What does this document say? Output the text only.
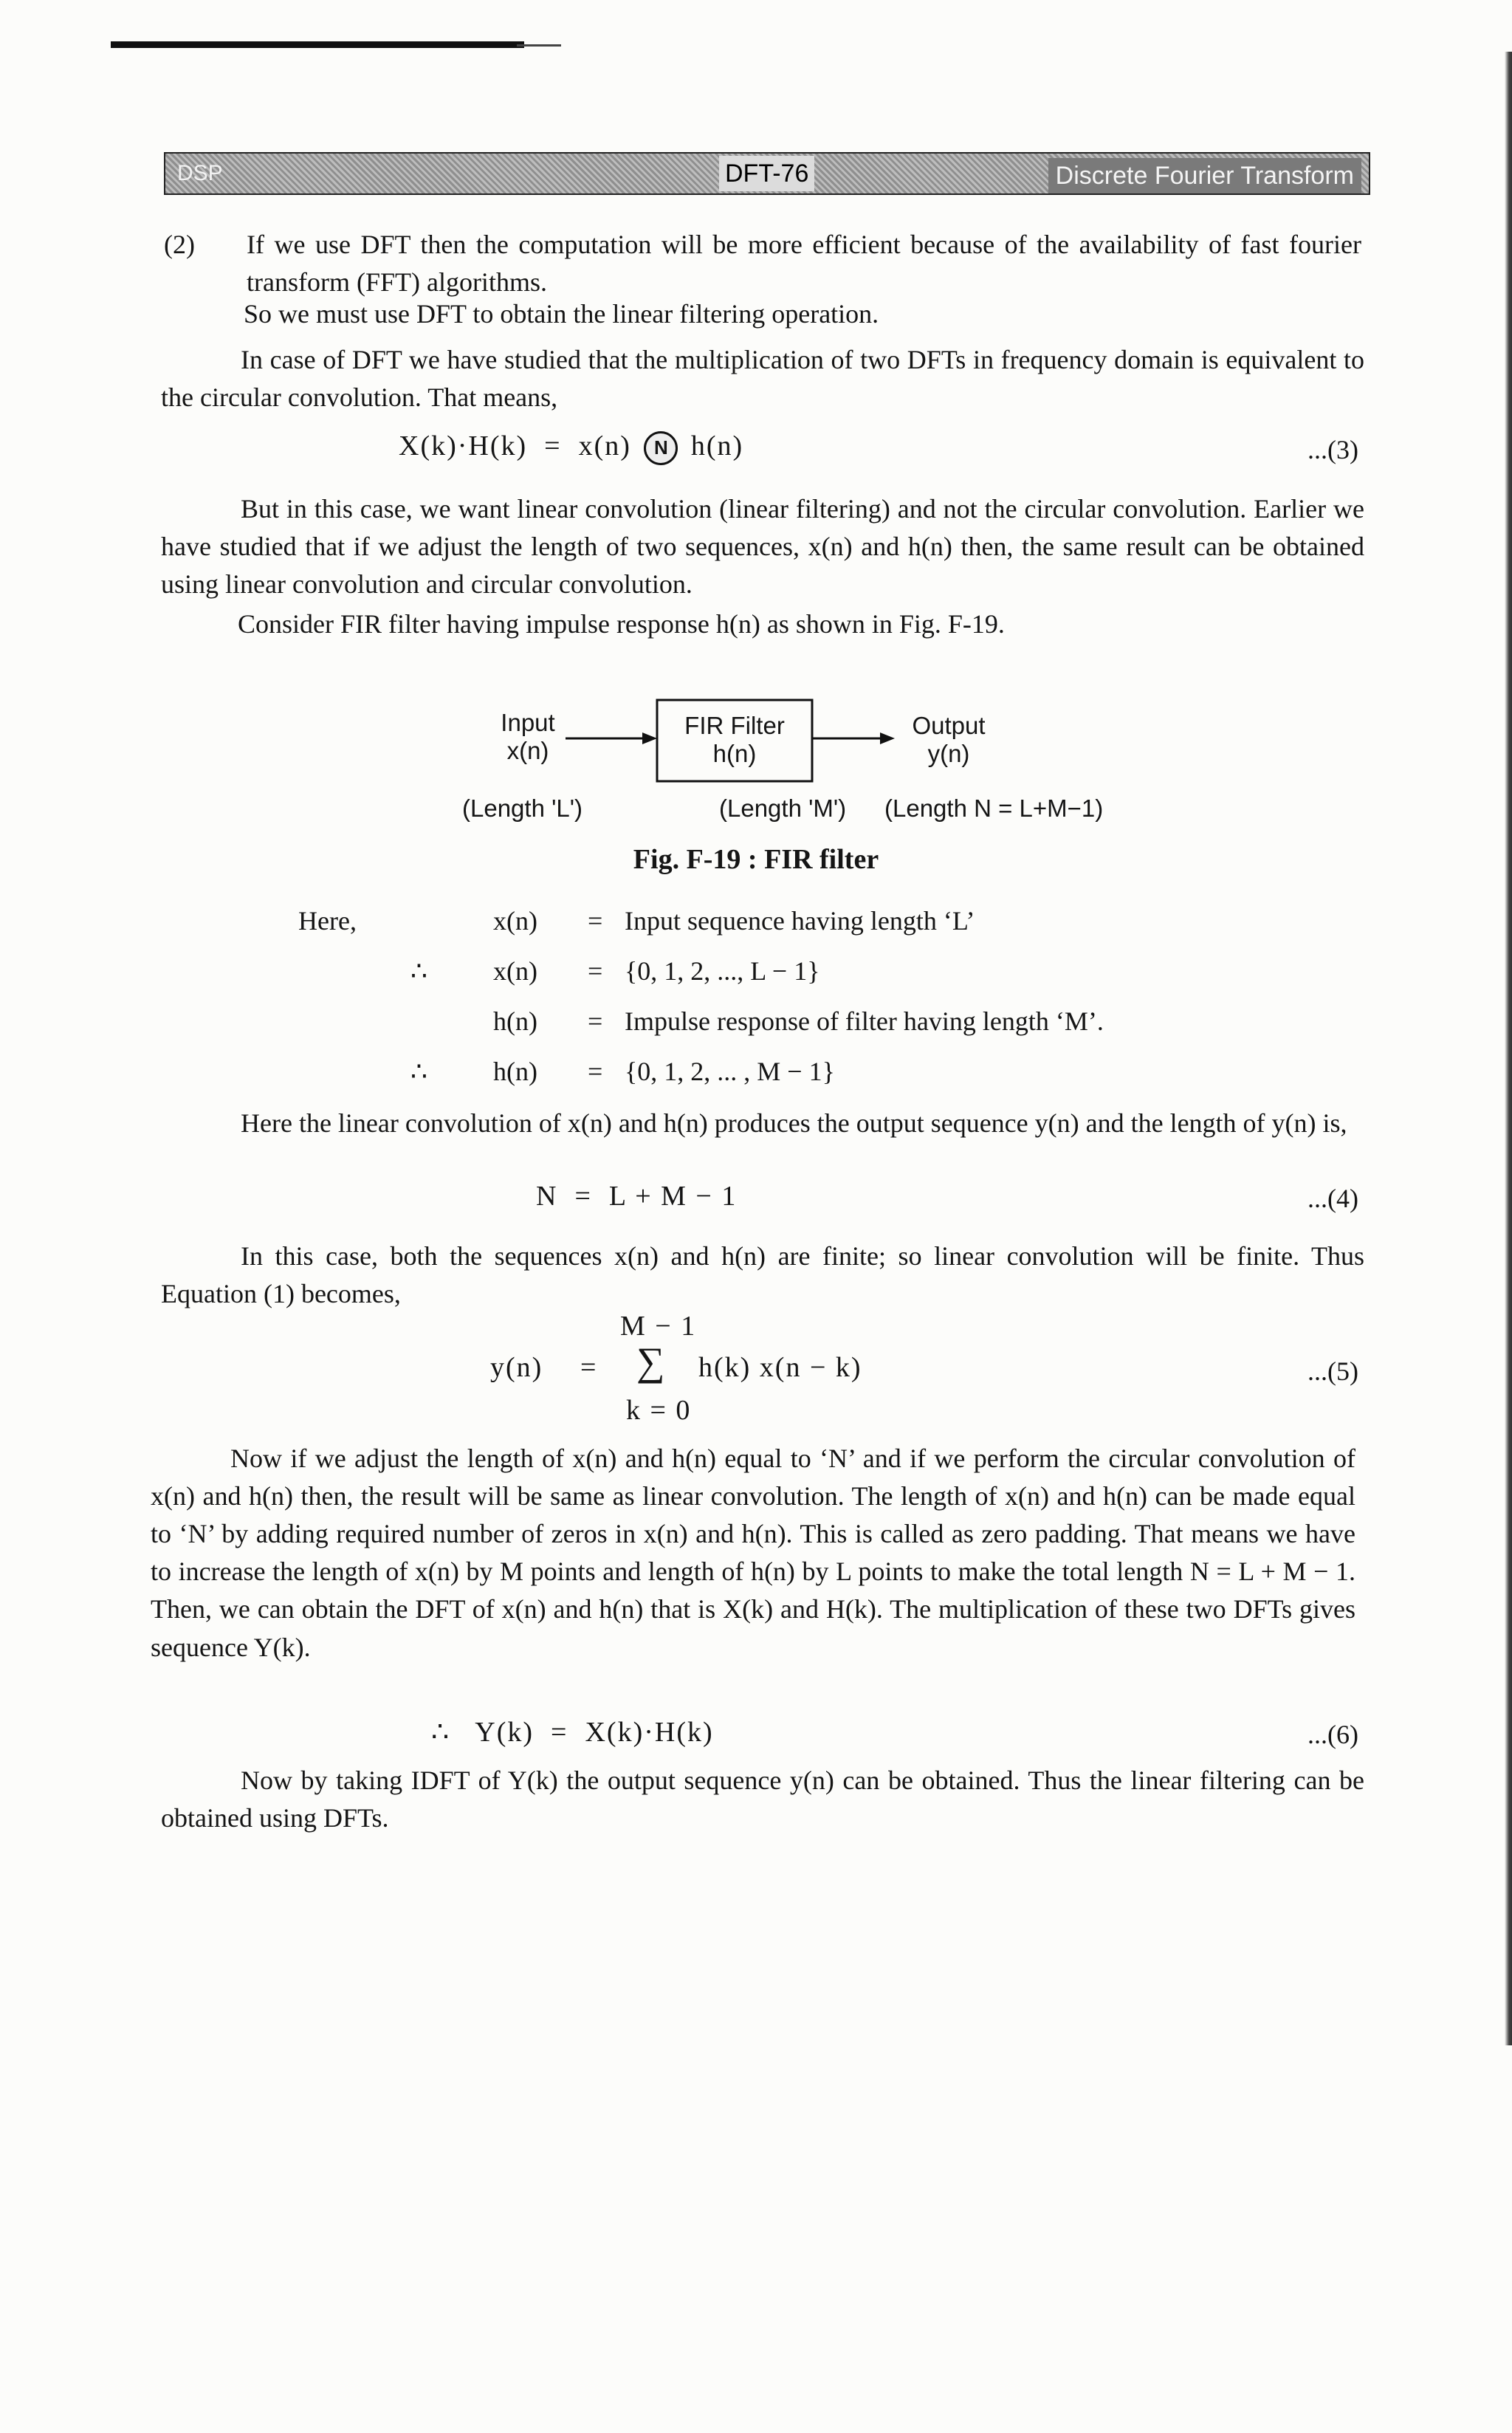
DSP	DFT-76	Discrete Fourier Transform
(2) If we use DFT then the computation will be more efficient because of the availability of fast fourier transform (FFT) algorithms.
So we must use DFT to obtain the linear filtering operation.
In case of DFT we have studied that the multiplication of two DFTs in frequency domain is equivalent to the circular convolution. That means,
X(k)·H(k) = x(n) N h(n)	...(3)
But in this case, we want linear convolution (linear filtering) and not the circular convolution. Earlier we have studied that if we adjust the length of two sequences, x(n) and h(n) then, the same result can be obtained using linear convolution and circular convolution.
Consider FIR filter having impulse response h(n) as shown in Fig. F-19.
Input
x(n)
FIR Filter
h(n)
Output
y(n)
(Length 'L')	(Length 'M') (Length N = L+M−1)
Fig. F-19 : FIR filter
Here,	x(n) = Input sequence having length ‘L’
∴ x(n) = {0, 1, 2, ..., L − 1}
h(n) = Impulse response of filter having length ‘M’.
∴ h(n) = {0, 1, 2, ... , M − 1}
Here the linear convolution of x(n) and h(n) produces the output sequence y(n) and the length of y(n) is,
N = L + M − 1	...(4)
In this case, both the sequences x(n) and h(n) are finite; so linear convolution will be finite. Thus Equation (1) becomes,
M − 1
y(n) = ∑ h(k) x(n − k)
k = 0
...(5)
Now if we adjust the length of x(n) and h(n) equal to ‘N’ and if we perform the circular convolution of x(n) and h(n) then, the result will be same as linear convolution. The length of x(n) and h(n) can be made equal to ‘N’ by adding required number of zeros in x(n) and h(n). This is called as zero padding. That means we have to increase the length of x(n) by M points and length of h(n) by L points to make the total length N = L + M − 1. Then, we can obtain the DFT of x(n) and h(n) that is X(k) and H(k). The multiplication of these two DFTs gives sequence Y(k).
∴ Y(k) = X(k)·H(k)	...(6)
Now by taking IDFT of Y(k) the output sequence y(n) can be obtained. Thus the linear filtering can be obtained using DFTs.
